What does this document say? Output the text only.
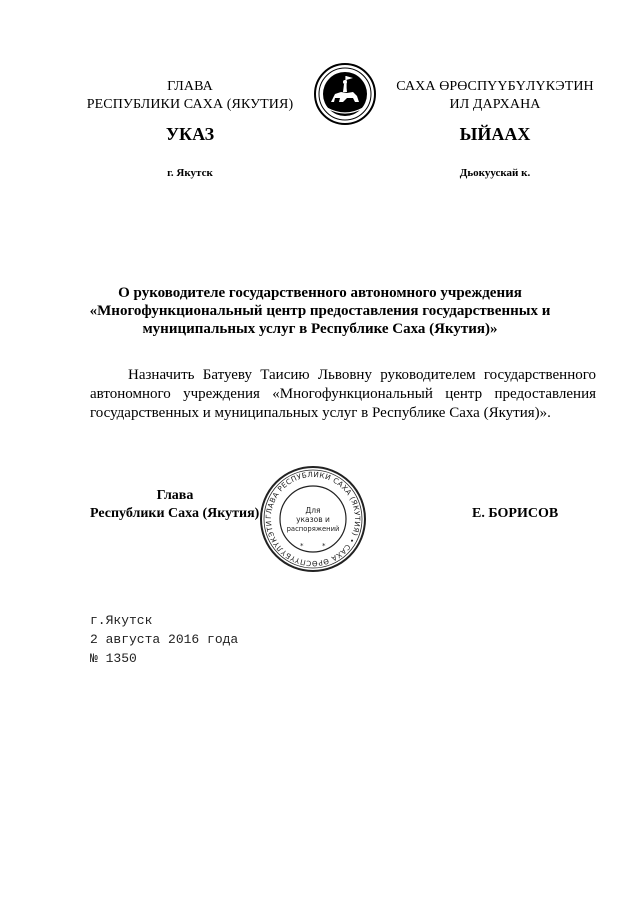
ГЛАВА
РЕСПУБЛИКИ САХА (ЯКУТИЯ)
САХА ӨРӨСПҮҮБҮЛҮКЭТИН
ИЛ ДАРХАНА
УКАЗ	ЫЙААХ
г. Якутск	Дьокуускай к.
О руководителе государственного автономного учреждения
«Многофункциональный центр предоставления государственных и
муниципальных услуг в Республике Саха (Якутия)»
Назначить Батуеву Таисию Львовну руководителем государственного автономного учреждения «Многофункциональный центр предоставления государственных и муниципальных услуг в Республике Саха (Якутия)».
ГЛАВА РЕСПУБЛИКИ САХА (ЯКУТИЯ) • САХА ӨРӨСПҮҮБҮЛҮКЭТИ
Для
указов и
распоряжений
*	*
Глава
Республики Саха (Якутия)	Е. БОРИСОВ
г.Якутск
2 августа 2016 года
№ 1350
